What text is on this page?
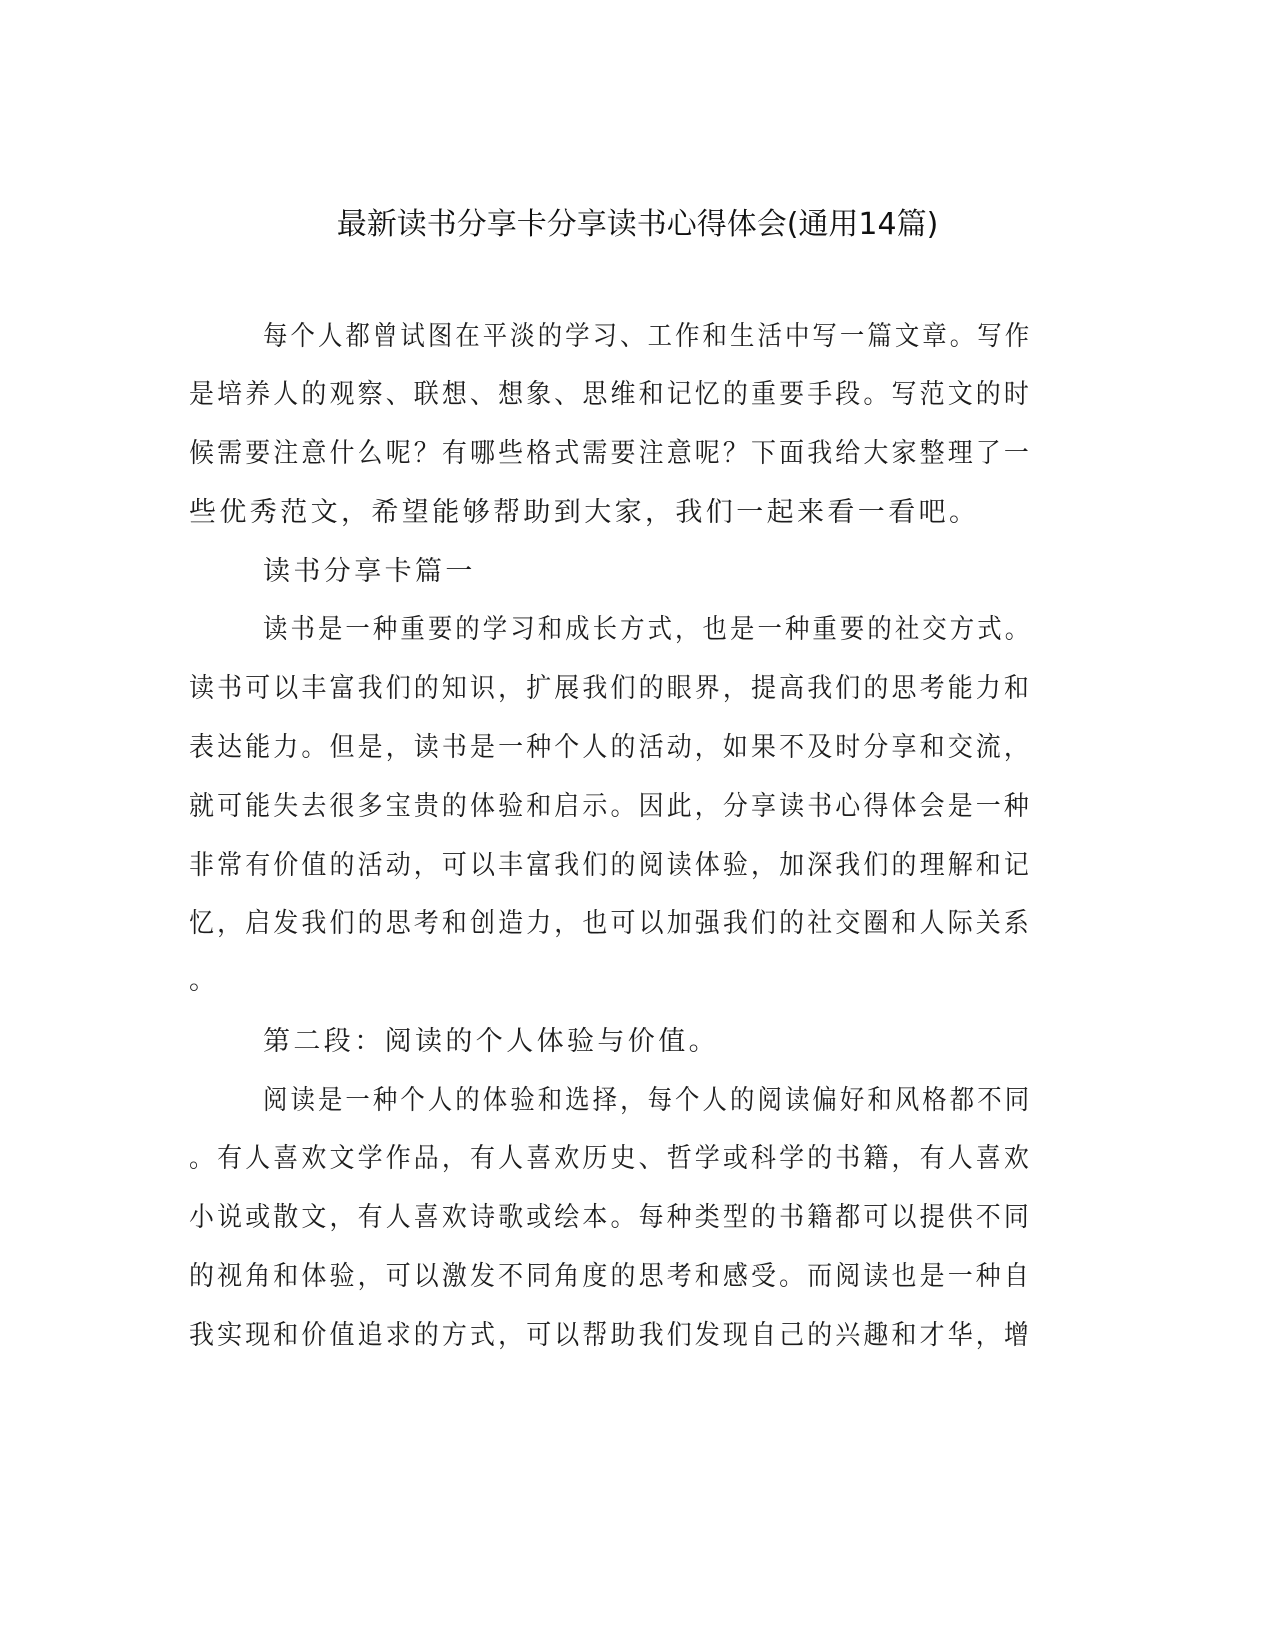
最新读书分享卡分享读书心得体会(通用14篇)
每个人都曾试图在平淡的学习、工作和生活中写一篇文章。写作
是培养人的观察、联想、想象、思维和记忆的重要手段。写范文的时
候需要注意什么呢？有哪些格式需要注意呢？下面我给大家整理了一
些优秀范文，希望能够帮助到大家，我们一起来看一看吧。
读书分享卡篇一
读书是一种重要的学习和成长方式，也是一种重要的社交方式。
读书可以丰富我们的知识，扩展我们的眼界，提高我们的思考能力和
表达能力。但是，读书是一种个人的活动，如果不及时分享和交流，
就可能失去很多宝贵的体验和启示。因此，分享读书心得体会是一种
非常有价值的活动，可以丰富我们的阅读体验，加深我们的理解和记
忆，启发我们的思考和创造力，也可以加强我们的社交圈和人际关系
。
第二段：阅读的个人体验与价值。
阅读是一种个人的体验和选择，每个人的阅读偏好和风格都不同
。有人喜欢文学作品，有人喜欢历史、哲学或科学的书籍，有人喜欢
小说或散文，有人喜欢诗歌或绘本。每种类型的书籍都可以提供不同
的视角和体验，可以激发不同角度的思考和感受。而阅读也是一种自
我实现和价值追求的方式，可以帮助我们发现自己的兴趣和才华，增
